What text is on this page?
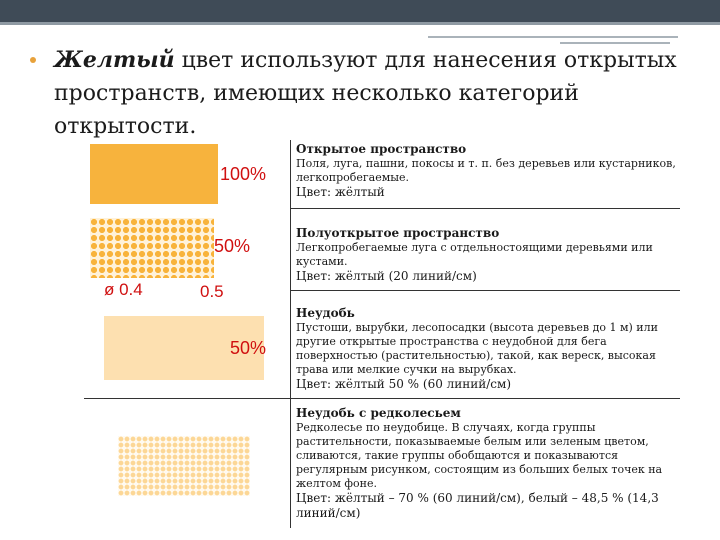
Желтый цвет используют для нанесения открытых пространств, имеющих несколько категорий открытости.
100%
50%
ø 0.4	0.5
50%
Открытое пространство
Поля, луга, пашни, покосы и т. п. без деревьев или кустарников, легкопробегаемые.
Цвет: жёлтый
Полуоткрытое пространство
Легкопробегаемые луга с отдельностоящими деревьями или кустами.
Цвет: жёлтый (20 линий/см)
Неудобь
Пустоши, вырубки, лесопосадки (высота деревьев до 1 м) или другие открытые пространства с неудобной для бега поверхностью (растительностью), такой, как вереск, высокая трава или мелкие сучки на вырубках.
Цвет: жёлтый 50 % (60 линий/см)
Неудобь с редколесьем
Редколесье по неудобице. В случаях, когда группы растительности, показываемые белым или зеленым цветом, сливаются, такие группы обобщаются и показываются регулярным рисунком, состоящим из больших белых точек на желтом фоне.
Цвет: жёлтый – 70 % (60 линий/см), белый – 48,5 % (14,3 линий/см)
